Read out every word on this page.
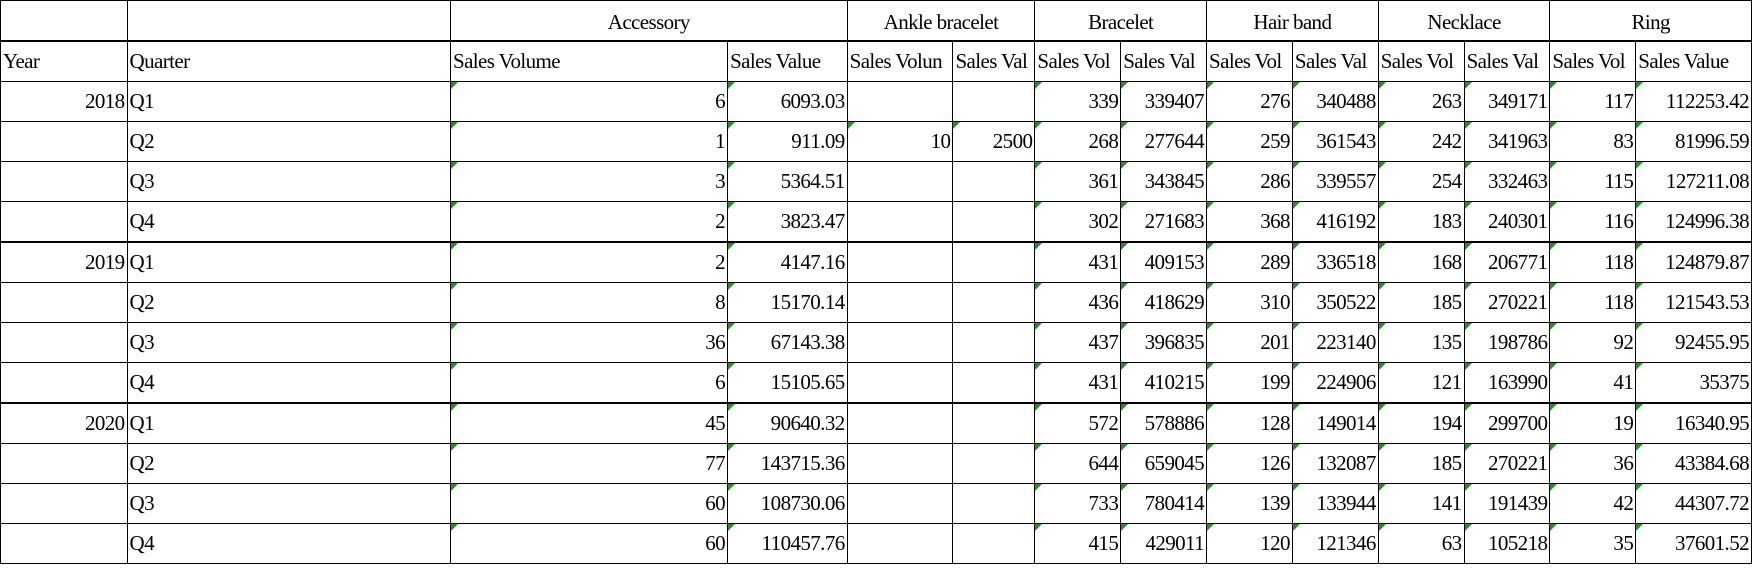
		Accessory		Ankle bracelet		Bracelet		Hair band		Necklace		Ring	
Year	Quarter	Sales Volume	Sales Value	Sales Volun	Sales Val	Sales Vol	Sales Val	Sales Vol	Sales Val	Sales Vol	Sales Val	Sales Vol	Sales Value
2018	Q1	6	6093.03			339	339407	276	340488	263	349171	117	112253.42
	Q2	1	911.09	10	2500	268	277644	259	361543	242	341963	83	81996.59
	Q3	3	5364.51			361	343845	286	339557	254	332463	115	127211.08
	Q4	2	3823.47			302	271683	368	416192	183	240301	116	124996.38
2019	Q1	2	4147.16			431	409153	289	336518	168	206771	118	124879.87
	Q2	8	15170.14			436	418629	310	350522	185	270221	118	121543.53
	Q3	36	67143.38			437	396835	201	223140	135	198786	92	92455.95
	Q4	6	15105.65			431	410215	199	224906	121	163990	41	35375
2020	Q1	45	90640.32			572	578886	128	149014	194	299700	19	16340.95
	Q2	77	143715.36			644	659045	126	132087	185	270221	36	43384.68
	Q3	60	108730.06			733	780414	139	133944	141	191439	42	44307.72
	Q4	60	110457.76			415	429011	120	121346	63	105218	35	37601.52
